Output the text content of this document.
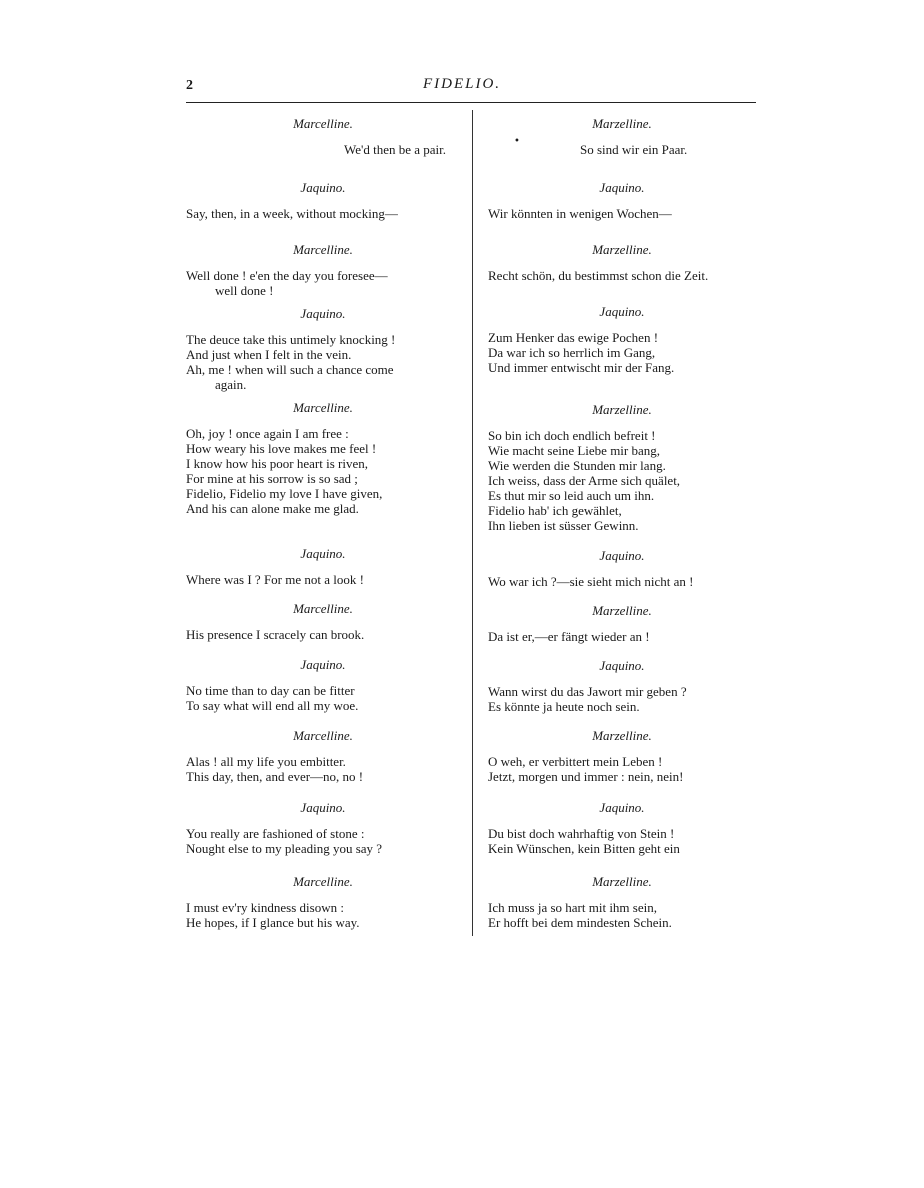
2	FIDELIO.
Marcelline.
We'd then be a pair.
Jaquino.
Say, then, in a week, without mocking—
Marcelline.
Well done ! e'en the day you foresee—
well done !
Jaquino.
The deuce take this untimely knocking !
And just when I felt in the vein.
Ah, me ! when will such a chance come
again.
Marcelline.
Oh, joy ! once again I am free :
How weary his love makes me feel !
I know how his poor heart is riven,
For mine at his sorrow is so sad ;
Fidelio, Fidelio my love I have given,
And his can alone make me glad.
Jaquino.
Where was I ? For me not a look !
Marcelline.
His presence I scracely can brook.
Jaquino.
No time than to day can be fitter
To say what will end all my woe.
Marcelline.
Alas ! all my life you embitter.
This day, then, and ever—no, no !
Jaquino.
You really are fashioned of stone :
Nought else to my pleading you say ?
Marcelline.
I must ev'ry kindness disown :
He hopes, if I glance but his way.
Marzelline.
•
So sind wir ein Paar.
Jaquino.
Wir könnten in wenigen Wochen—
Marzelline.
Recht schön, du bestimmst schon die Zeit.
Jaquino.
Zum Henker das ewige Pochen !
Da war ich so herrlich im Gang,
Und immer entwischt mir der Fang.
Marzelline.
So bin ich doch endlich befreit !
Wie macht seine Liebe mir bang,
Wie werden die Stunden mir lang.
Ich weiss, dass der Arme sich quälet,
Es thut mir so leid auch um ihn.
Fidelio hab' ich gewählet,
Ihn lieben ist süsser Gewinn.
Jaquino.
Wo war ich ?—sie sieht mich nicht an !
Marzelline.
Da ist er,—er fängt wieder an !
Jaquino.
Wann wirst du das Jawort mir geben ?
Es könnte ja heute noch sein.
Marzelline.
O weh, er verbittert mein Leben !
Jetzt, morgen und immer : nein, nein!
Jaquino.
Du bist doch wahrhaftig von Stein !
Kein Wünschen, kein Bitten geht ein
Marzelline.
Ich muss ja so hart mit ihm sein,
Er hofft bei dem mindesten Schein.
